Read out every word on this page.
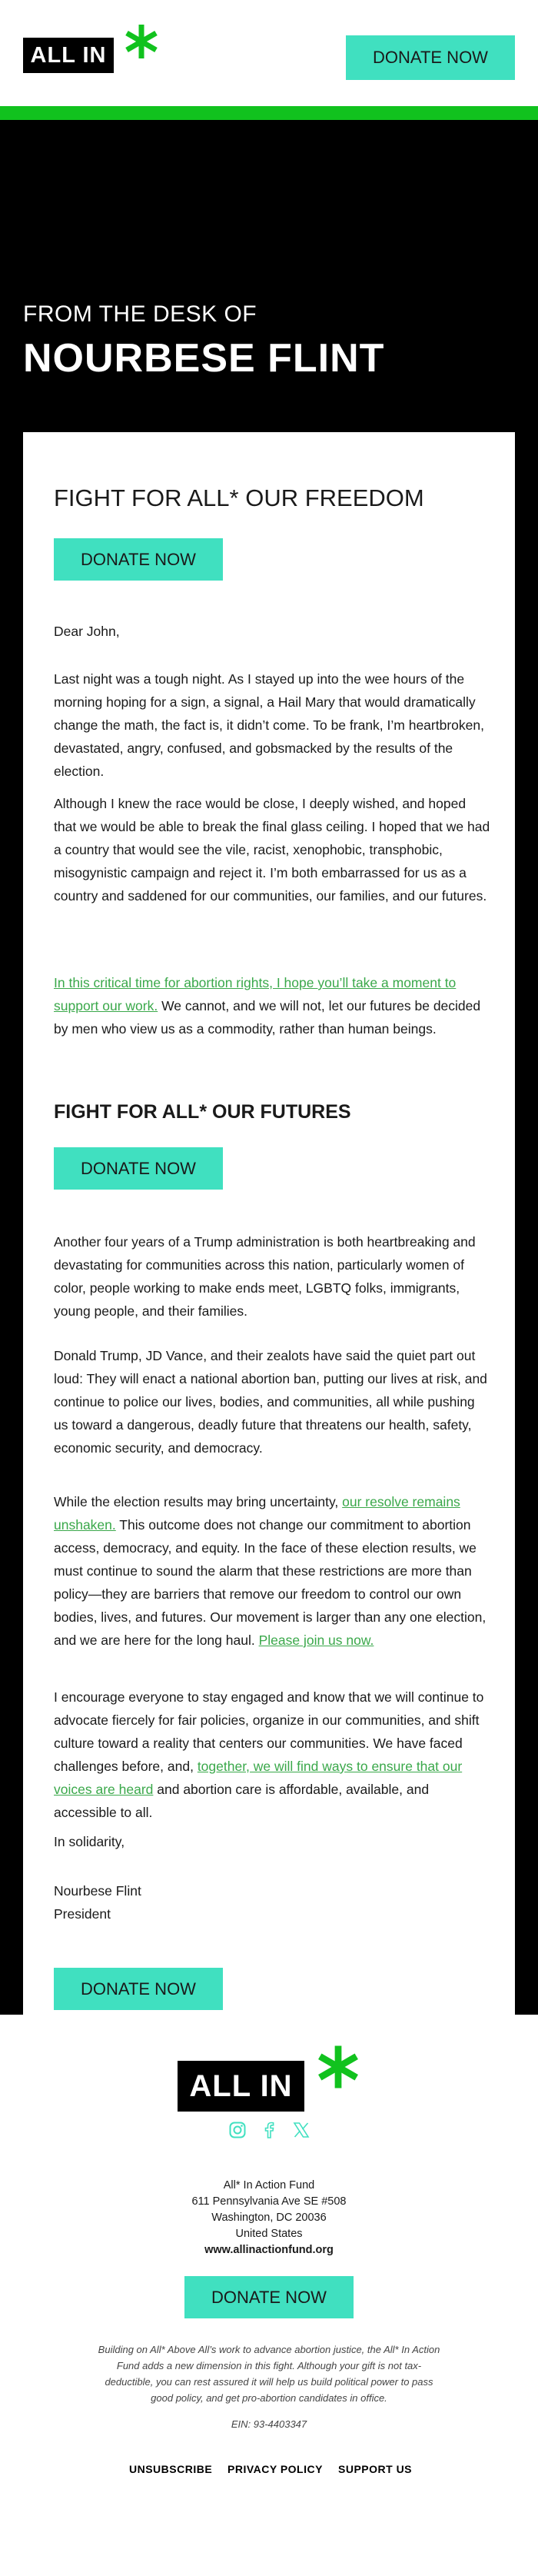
ALL IN	DONATE NOW
FROM THE DESK OF
NOURBESE FLINT
FIGHT FOR ALL* OUR FREEDOM
DONATE NOW
Dear John,
Last night was a tough night. As I stayed up into the wee hours of the morning hoping for a sign, a signal, a Hail Mary that would dramatically change the math, the fact is, it didn’t come. To be frank, I’m heartbroken, devastated, angry, confused, and gobsmacked by the results of the election.
Although I knew the race would be close, I deeply wished, and hoped that we would be able to break the final glass ceiling. I hoped that we had a country that would see the vile, racist, xenophobic, transphobic, misogynistic campaign and reject it. I’m both embarrassed for us as a country and saddened for our communities, our families, and our futures.
In this critical time for abortion rights, I hope you’ll take a moment to support our work. We cannot, and we will not, let our futures be decided by men who view us as a commodity, rather than human beings.
FIGHT FOR ALL* OUR FUTURES
DONATE NOW
Another four years of a Trump administration is both heartbreaking and devastating for communities across this nation, particularly women of color, people working to make ends meet, LGBTQ folks, immigrants, young people, and their families.
Donald Trump, JD Vance, and their zealots have said the quiet part out loud: They will enact a national abortion ban, putting our lives at risk, and continue to police our lives, bodies, and communities, all while pushing us toward a dangerous, deadly future that threatens our health, safety, economic security, and democracy.
While the election results may bring uncertainty, our resolve remains unshaken. This outcome does not change our commitment to abortion access, democracy, and equity. In the face of these election results, we must continue to sound the alarm that these restrictions are more than policy—they are barriers that remove our freedom to control our own bodies, lives, and futures. Our movement is larger than any one election, and we are here for the long haul. Please join us now.
I encourage everyone to stay engaged and know that we will continue to advocate fiercely for fair policies, organize in our communities, and shift culture toward a reality that centers our communities. We have faced challenges before, and, together, we will find ways to ensure that our voices are heard and abortion care is affordable, available, and accessible to all.
In solidarity,
Nourbese Flint
President
DONATE NOW
ALL IN
All* In Action Fund
611 Pennsylvania Ave SE #508
Washington, DC 20036
United States
www.allinactionfund.org
DONATE NOW
Building on All* Above All’s work to advance abortion justice, the All* In Action Fund adds a new dimension in this fight. Although your gift is not tax-deductible, you can rest assured it will help us build political power to pass good policy, and get pro-abortion candidates in office.
EIN: 93-4403347
UNSUBSCRIBE PRIVACY POLICY SUPPORT US
